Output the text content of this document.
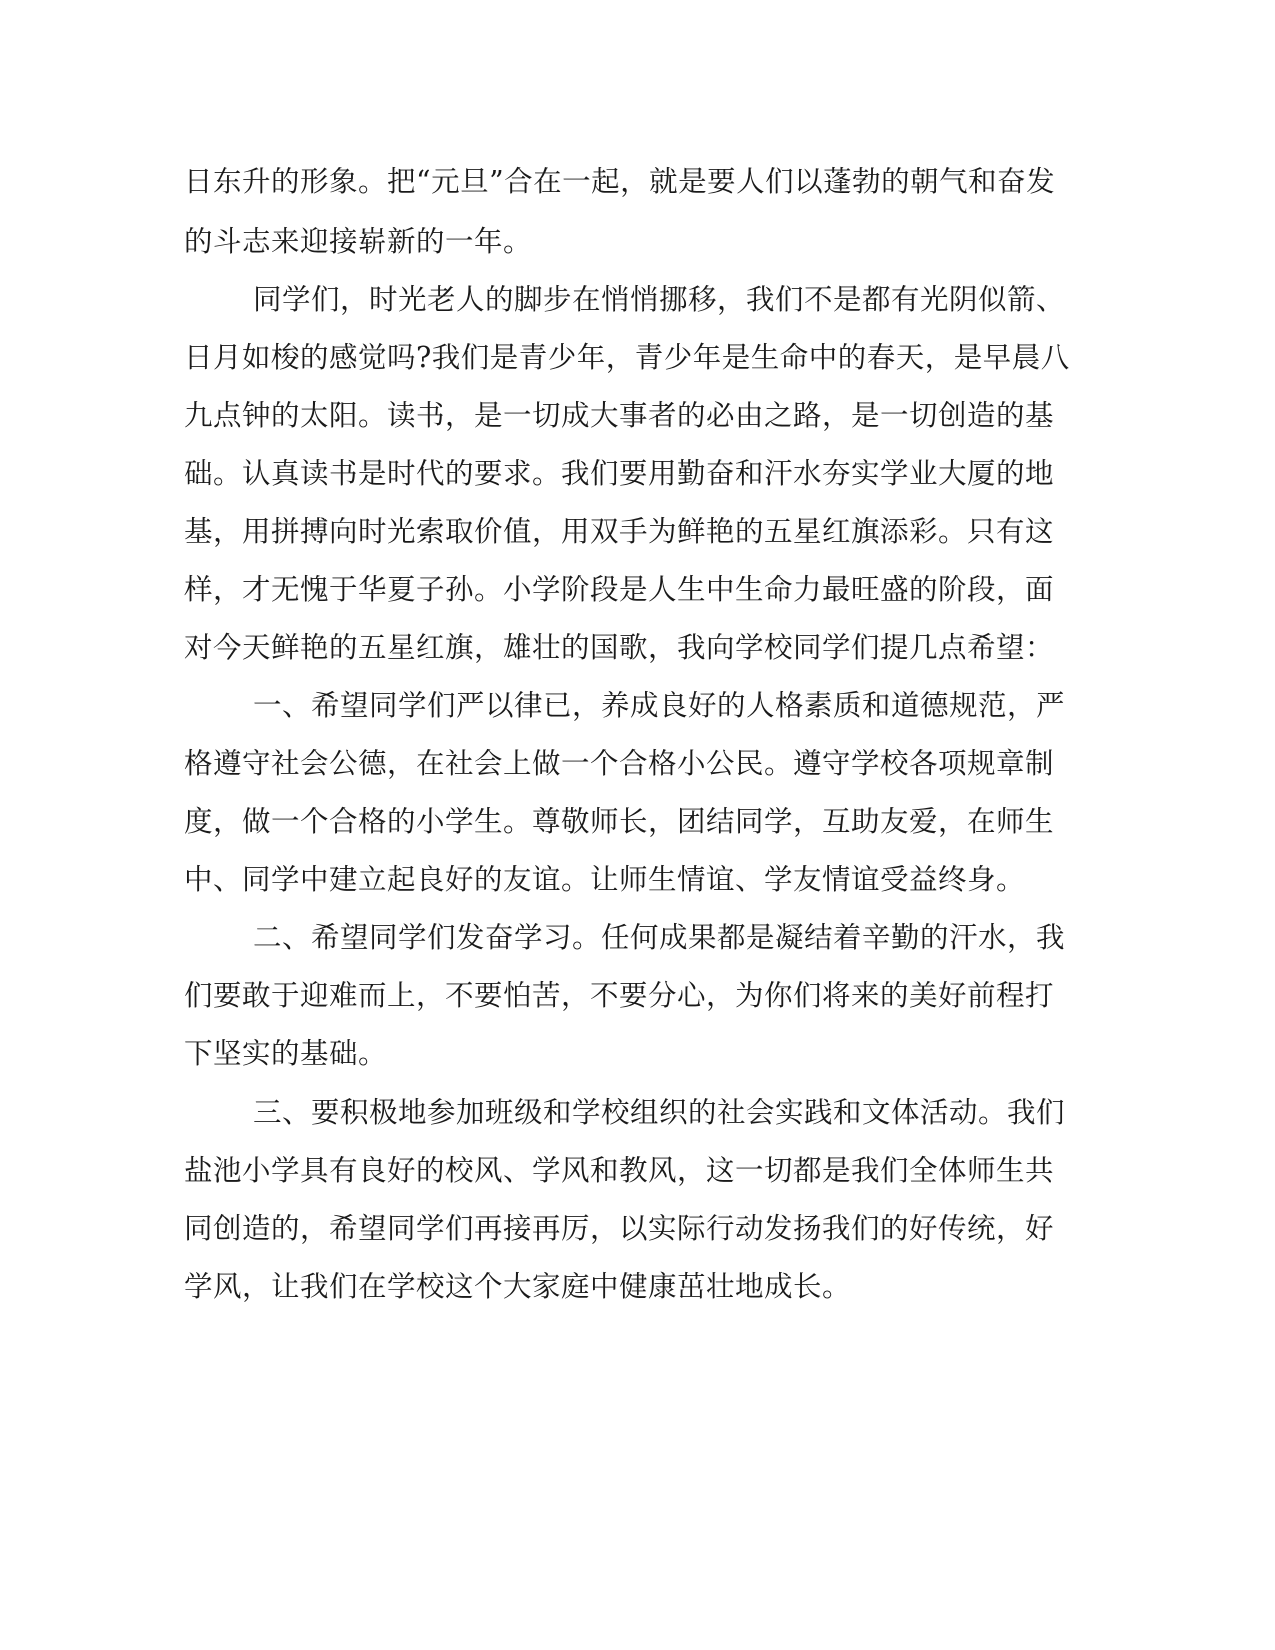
日东升的形象。把“元旦”合在一起，就是要人们以蓬勃的朝气和奋发

的斗志来迎接崭新的一年。

同学们，时光老人的脚步在悄悄挪移，我们不是都有光阴似箭、

日月如梭的感觉吗?我们是青少年，青少年是生命中的春天，是早晨八

九点钟的太阳。读书，是一切成大事者的必由之路，是一切创造的基

础。认真读书是时代的要求。我们要用勤奋和汗水夯实学业大厦的地

基，用拼搏向时光索取价值，用双手为鲜艳的五星红旗添彩。只有这

样，才无愧于华夏子孙。小学阶段是人生中生命力最旺盛的阶段，面

对今天鲜艳的五星红旗，雄壮的国歌，我向学校同学们提几点希望：

一、希望同学们严以律已，养成良好的人格素质和道德规范，严

格遵守社会公德，在社会上做一个合格小公民。遵守学校各项规章制

度，做一个合格的小学生。尊敬师长，团结同学，互助友爱，在师生

中、同学中建立起良好的友谊。让师生情谊、学友情谊受益终身。

二、希望同学们发奋学习。任何成果都是凝结着辛勤的汗水，我

们要敢于迎难而上，不要怕苦，不要分心，为你们将来的美好前程打

下坚实的基础。

三、要积极地参加班级和学校组织的社会实践和文体活动。我们

盐池小学具有良好的校风、学风和教风，这一切都是我们全体师生共

同创造的，希望同学们再接再厉，以实际行动发扬我们的好传统，好

学风，让我们在学校这个大家庭中健康茁壮地成长。
